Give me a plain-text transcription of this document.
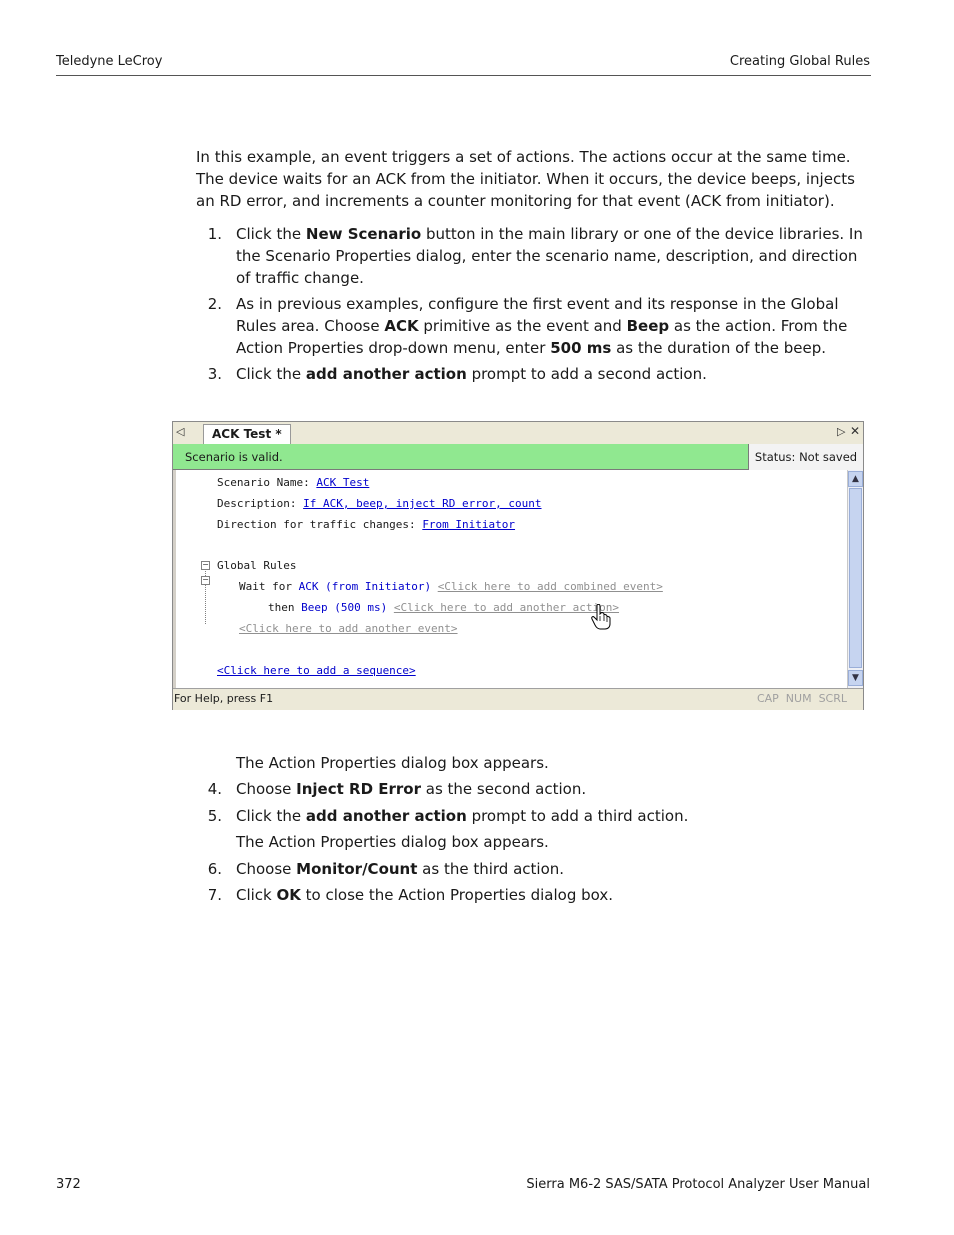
Teledyne LeCroy	Creating Global Rules

In this example, an event triggers a set of actions. The actions occur at the same time.

The device waits for an ACK from the initiator. When it occurs, the device beeps, injects

an RD error, and increments a counter monitoring for that event (ACK from initiator).

1. Click the New Scenario button in the main library or one of the device libraries. In

the Scenario Properties dialog, enter the scenario name, description, and direction

of traffic change.

2. As in previous examples, configure the first event and its response in the Global

Rules area. Choose ACK primitive as the event and Beep as the action. From the

Action Properties drop-down menu, enter 500 ms as the duration of the beep.

3. Click the add another action prompt to add a second action.

◁	ACK Test *	▷ ✕
Scenario is valid.	Status: Not saved
Scenario Name: ACK Test
Description: If ACK, beep, inject RD error, count
Direction for traffic changes: From Initiator
− Global Rules
−
Wait for ACK (from Initiator) <Click here to add combined event>
then Beep (500 ms) <Click here to add another action>
<Click here to add another event>
<Click here to add a sequence>
▲
▼
For Help, press F1	CAP  NUM  SCRL

The Action Properties dialog box appears.

4. Choose Inject RD Error as the second action.

5. Click the add another action prompt to add a third action.

The Action Properties dialog box appears.

6. Choose Monitor/Count as the third action.

7. Click OK to close the Action Properties dialog box.

372	Sierra M6-2 SAS/SATA Protocol Analyzer User Manual
